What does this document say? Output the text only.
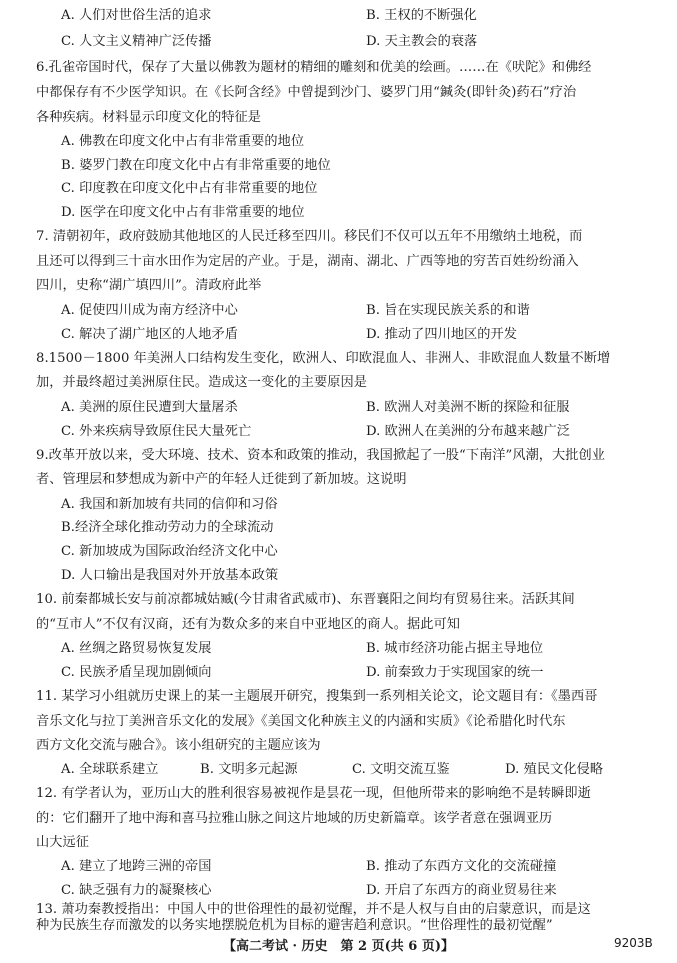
A. 人们对世俗生活的追求	B. 王权的不断强化
C. 人文主义精神广泛传播	D. 天主教会的衰落
6.孔雀帝国时代，保存了大量以佛教为题材的精细的雕刻和优美的绘画。……在《吠陀》和佛经
中都保存有不少医学知识。在《长阿含经》中曾提到沙门、婆罗门用“鍼灸(即针灸)药石”疗治
各种疾病。材料显示印度文化的特征是
A. 佛教在印度文化中占有非常重要的地位
B. 婆罗门教在印度文化中占有非常重要的地位
C. 印度教在印度文化中占有非常重要的地位
D. 医学在印度文化中占有非常重要的地位
7. 清朝初年，政府鼓励其他地区的人民迁移至四川。移民们不仅可以五年不用缴纳土地税，而
且还可以得到三十亩水田作为定居的产业。于是，湖南、湖北、广西等地的穷苦百姓纷纷涌入
四川，史称“湖广填四川”。清政府此举
A. 促使四川成为南方经济中心	B. 旨在实现民族关系的和谐
C. 解决了湖广地区的人地矛盾	D. 推动了四川地区的开发
8.1500－1800 年美洲人口结构发生变化，欧洲人、印欧混血人、非洲人、非欧混血人数量不断增
加，并最终超过美洲原住民。造成这一变化的主要原因是
A. 美洲的原住民遭到大量屠杀	B. 欧洲人对美洲不断的探险和征服
C. 外来疾病导致原住民大量死亡	D. 欧洲人在美洲的分布越来越广泛
9.改革开放以来，受大环境、技术、资本和政策的推动，我国掀起了一股“下南洋”风潮，大批创业
者、管理层和梦想成为新中产的年轻人迁徙到了新加坡。这说明
A. 我国和新加坡有共同的信仰和习俗
B.经济全球化推动劳动力的全球流动
C. 新加坡成为国际政治经济文化中心
D. 人口输出是我国对外开放基本政策
10. 前秦都城长安与前凉都城姑臧(今甘肃省武威市)、东晋襄阳之间均有贸易往来。活跃其间
的“互市人”不仅有汉商，还有为数众多的来自中亚地区的商人。据此可知
A. 丝绸之路贸易恢复发展	B. 城市经济功能占据主导地位
C. 民族矛盾呈现加剧倾向	D. 前秦致力于实现国家的统一
11. 某学习小组就历史课上的某一主题展开研究，搜集到一系列相关论文，论文题目有：《墨西哥
音乐文化与拉丁美洲音乐文化的发展》《美国文化种族主义的内涵和实质》《论希腊化时代东
西方文化交流与融合》。该小组研究的主题应该为
A. 全球联系建立	B. 文明多元起源	C. 文明交流互鉴	D. 殖民文化侵略
12. 有学者认为，亚历山大的胜利很容易被视作是昙花一现，但他所带来的影响绝不是转瞬即逝
的：它们翻开了地中海和喜马拉雅山脉之间这片地域的历史新篇章。该学者意在强调亚历
山大远征
A. 建立了地跨三洲的帝国	B. 推动了东西方文化的交流碰撞
C. 缺乏强有力的凝聚核心	D. 开启了东西方的商业贸易往来
13. 萧功秦教授指出：中国人中的世俗理性的最初觉醒，并不是人权与自由的启蒙意识，而是这
【高二考试 · 历史　第 2 页(共 6 页)】	9203B
种为民族生存而激发的以务实地摆脱危机为目标的避害趋利意识。“世俗理性的最初觉醒”
